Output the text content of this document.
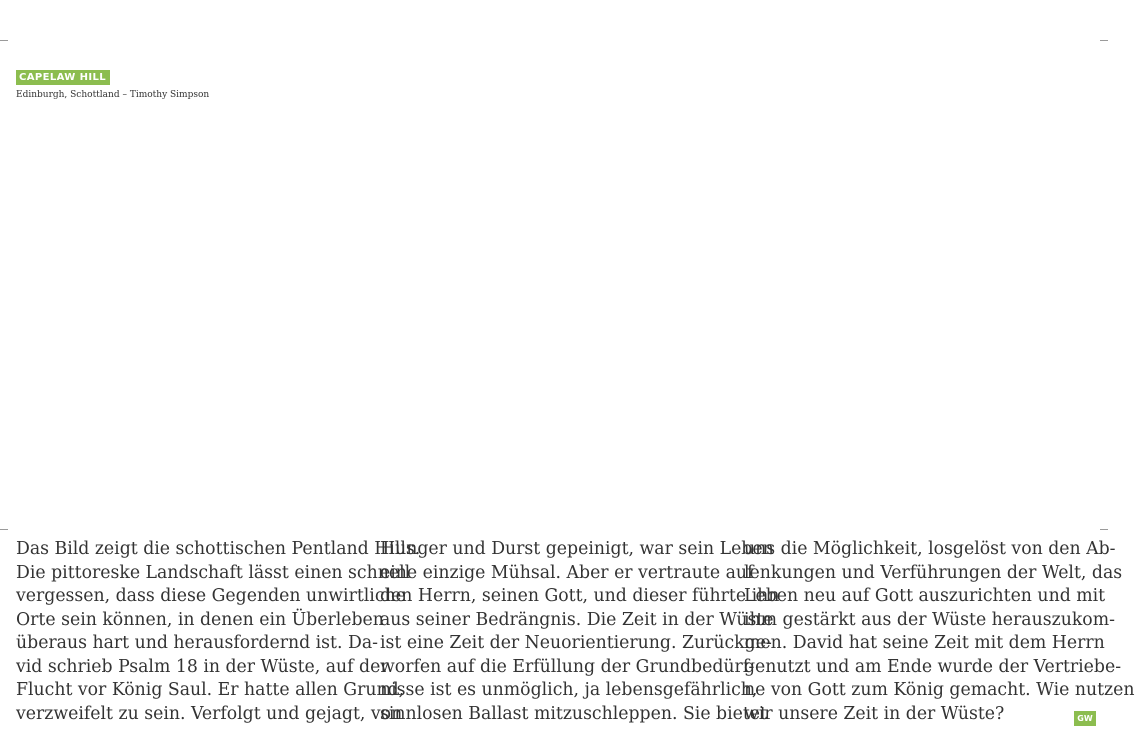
CAPELAW HILL
Edinburgh, Schottland – Timothy Simpson
Das Bild zeigt die schottischen Pentland Hills.
Die pittoreske Landschaft lässt einen schnell
vergessen, dass diese Gegenden unwirtliche
Orte sein können, in denen ein Überleben
überaus hart und herausfordernd ist. Da-
vid schrieb Psalm 18 in der Wüste, auf der
Flucht vor König Saul. Er hatte allen Grund,
verzweifelt zu sein. Verfolgt und gejagt, von
Hunger und Durst gepeinigt, war sein Leben
eine einzige Mühsal. Aber er vertraute auf
den Herrn, seinen Gott, und dieser führte ihn
aus seiner Bedrängnis. Die Zeit in der Wüste
ist eine Zeit der Neuorientierung. Zurückge-
worfen auf die Erfüllung der Grundbedürf-
nisse ist es unmöglich, ja lebensgefährlich,
sinnlosen Ballast mitzuschleppen. Sie bietet
uns die Möglichkeit, losgelöst von den Ab-
lenkungen und Verführungen der Welt, das
Leben neu auf Gott auszurichten und mit
ihm gestärkt aus der Wüste herauszukom-
men. David hat seine Zeit mit dem Herrn
genutzt und am Ende wurde der Vertriebe-
ne von Gott zum König gemacht. Wie nutzen
wir unsere Zeit in der Wüste?	GW
